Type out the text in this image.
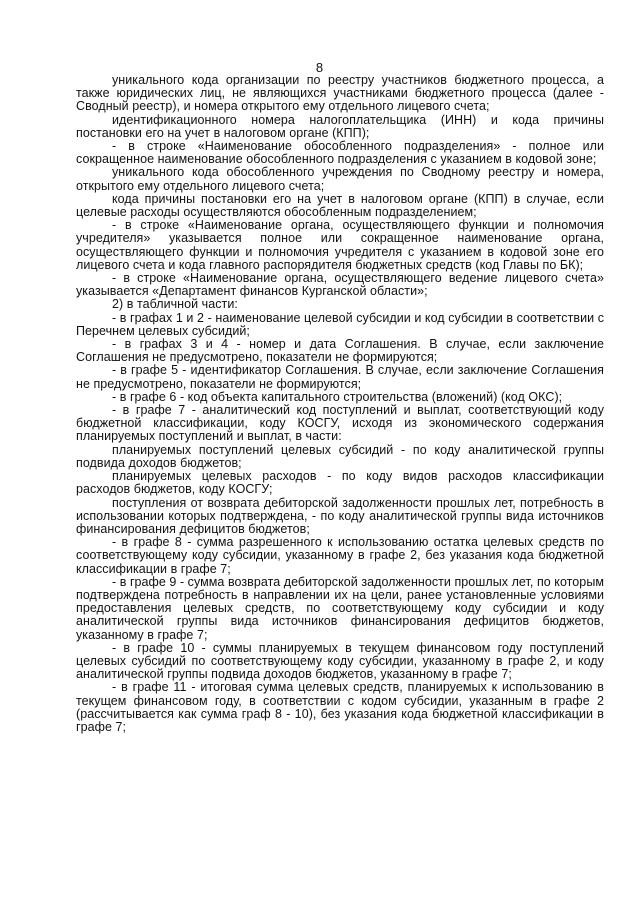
8

уникального кода организации по реестру участников бюджетного процесса, а также юридических лиц, не являющихся участниками бюджетного процесса (далее - Сводный реестр), и номера открытого ему отдельного лицевого счета;

идентификационного номера налогоплательщика (ИНН) и кода причины постановки его на учет в налоговом органе (КПП);

- в строке «Наименование обособленного подразделения» - полное или сокращенное наименование обособленного подразделения с указанием в кодовой зоне;

уникального кода обособленного учреждения по Сводному реестру и номера, открытого ему отдельного лицевого счета;

кода причины постановки его на учет в налоговом органе (КПП) в случае, если целевые расходы осуществляются обособленным подразделением;

- в строке «Наименование органа, осуществляющего функции и полномочия учредителя» указывается полное или сокращенное наименование органа, осуществляющего функции и полномочия учредителя с указанием в кодовой зоне его лицевого счета и кода главного распорядителя бюджетных средств (код Главы по БК);

- в строке «Наименование органа, осуществляющего ведение лицевого счета» указывается «Департамент финансов Курганской области»;

2) в табличной части:

- в графах 1 и 2 - наименование целевой субсидии и код субсидии в соответствии с Перечнем целевых субсидий;

- в графах 3 и 4 - номер и дата Соглашения. В случае, если заключение Соглашения не предусмотрено, показатели не формируются;

- в графе 5 - идентификатор Соглашения. В случае, если заключение Соглашения не предусмотрено, показатели не формируются;

- в графе 6 - код объекта капитального строительства (вложений) (код ОКС);

- в графе 7 - аналитический код поступлений и выплат, соответствующий коду бюджетной классификации, коду КОСГУ, исходя из экономического содержания планируемых поступлений и выплат, в части:

планируемых поступлений целевых субсидий - по коду аналитической группы подвида доходов бюджетов;

планируемых целевых расходов - по коду видов расходов классификации расходов бюджетов, коду КОСГУ;

поступления от возврата дебиторской задолженности прошлых лет, потребность в использовании которых подтверждена, - по коду аналитической группы вида источников финансирования дефицитов бюджетов;

- в графе 8 - сумма разрешенного к использованию остатка целевых средств по соответствующему коду субсидии, указанному в графе 2, без указания кода бюджетной классификации в графе 7;

- в графе 9 - сумма возврата дебиторской задолженности прошлых лет, по которым подтверждена потребность в направлении их на цели, ранее установленные условиями предоставления целевых средств, по соответствующему коду субсидии и коду аналитической группы вида источников финансирования дефицитов бюджетов, указанному в графе 7;

- в графе 10 - суммы планируемых в текущем финансовом году поступлений целевых субсидий по соответствующему коду субсидии, указанному в графе 2, и коду аналитической группы подвида доходов бюджетов, указанному в графе 7;

- в графе 11 - итоговая сумма целевых средств, планируемых к использованию в текущем финансовом году, в соответствии с кодом субсидии, указанным в графе 2 (рассчитывается как сумма граф 8 - 10), без указания кода бюджетной классификации в графе 7;
